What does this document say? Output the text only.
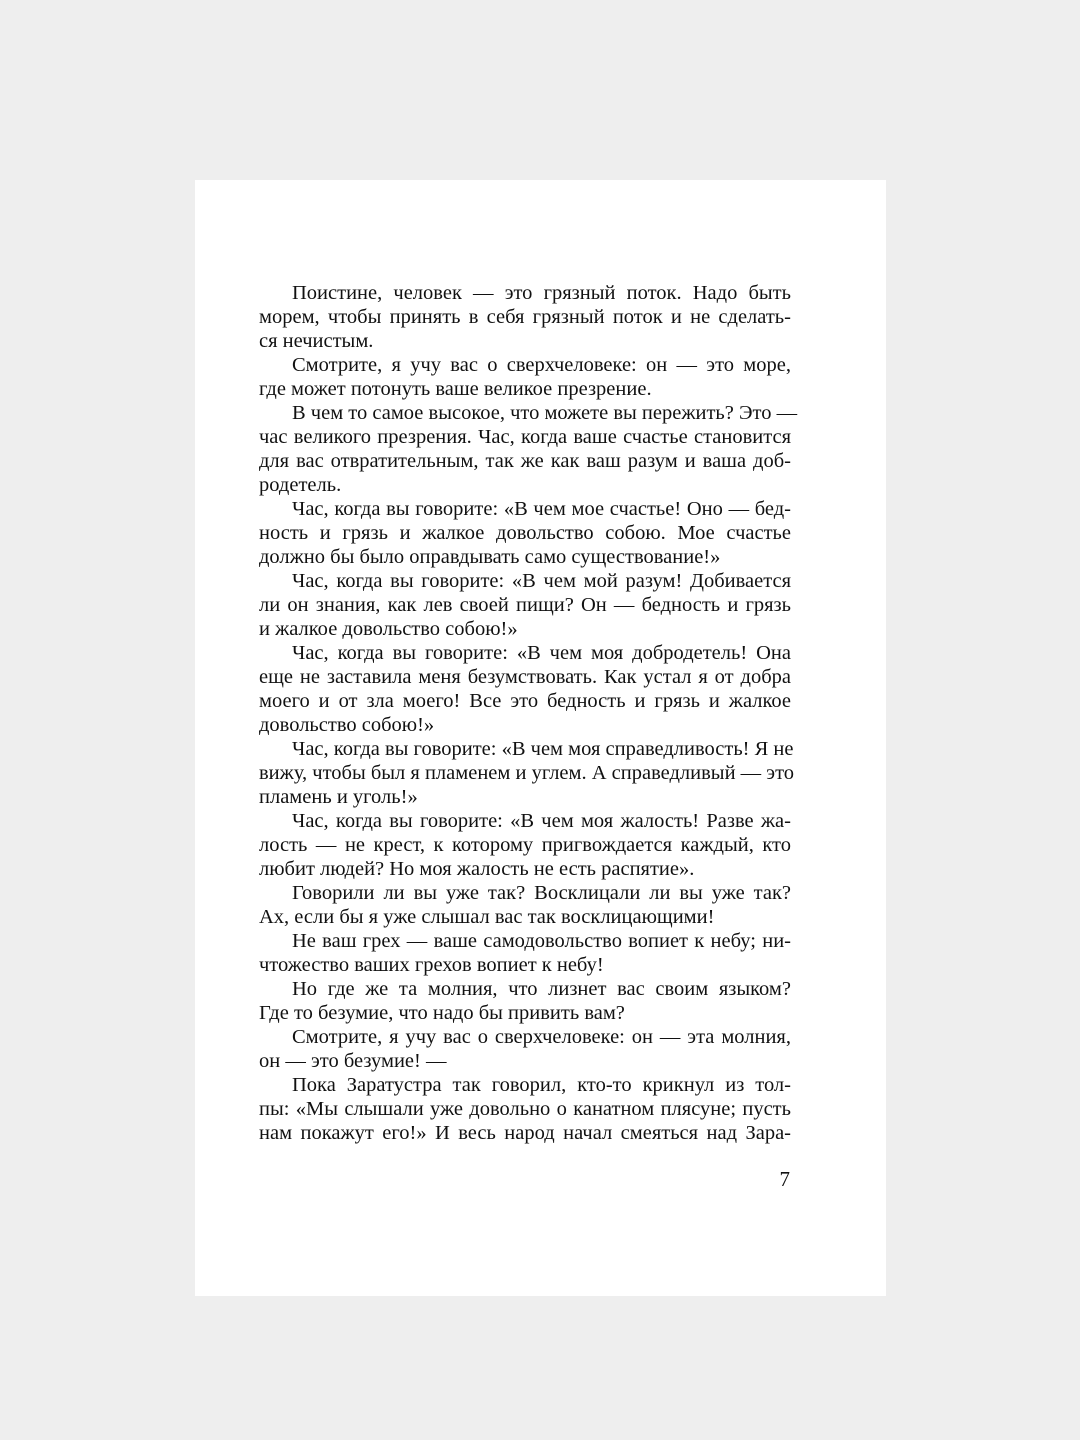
Поистине, человек — это грязный поток. Надо быть
морем, чтобы принять в себя грязный поток и не сделать-
ся нечистым.
Смотрите, я учу вас о сверхчеловеке: он — это море,
где может потонуть ваше великое презрение.
В чем то самое высокое, что можете вы пережить? Это —
час великого презрения. Час, когда ваше счастье становится
для вас отвратительным, так же как ваш разум и ваша доб-
родетель.
Час, когда вы говорите: «В чем мое счастье! Оно — бед-
ность и грязь и жалкое довольство собою. Мое счастье
должно бы было оправдывать само существование!»
Час, когда вы говорите: «В чем мой разум! Добивается
ли он знания, как лев своей пищи? Он — бедность и грязь
и жалкое довольство собою!»
Час, когда вы говорите: «В чем моя добродетель! Она
еще не заставила меня безумствовать. Как устал я от добра
моего и от зла моего! Все это бедность и грязь и жалкое
довольство собою!»
Час, когда вы говорите: «В чем моя справедливость! Я не
вижу, чтобы был я пламенем и углем. А справедливый — это
пламень и уголь!»
Час, когда вы говорите: «В чем моя жалость! Разве жа-
лость — не крест, к которому пригвождается каждый, кто
любит людей? Но моя жалость не есть распятие».
Говорили ли вы уже так? Восклицали ли вы уже так?
Ах, если бы я уже слышал вас так восклицающими!
Не ваш грех — ваше самодовольство вопиет к небу; ни-
чтожество ваших грехов вопиет к небу!
Но где же та молния, что лизнет вас своим языком?
Где то безумие, что надо бы привить вам?
Смотрите, я учу вас о сверхчеловеке: он — эта молния,
он — это безумие! —
Пока Заратустра так говорил, кто-то крикнул из тол-
пы: «Мы слышали уже довольно о канатном плясуне; пусть
нам покажут его!» И весь народ начал смеяться над Зара-
7
